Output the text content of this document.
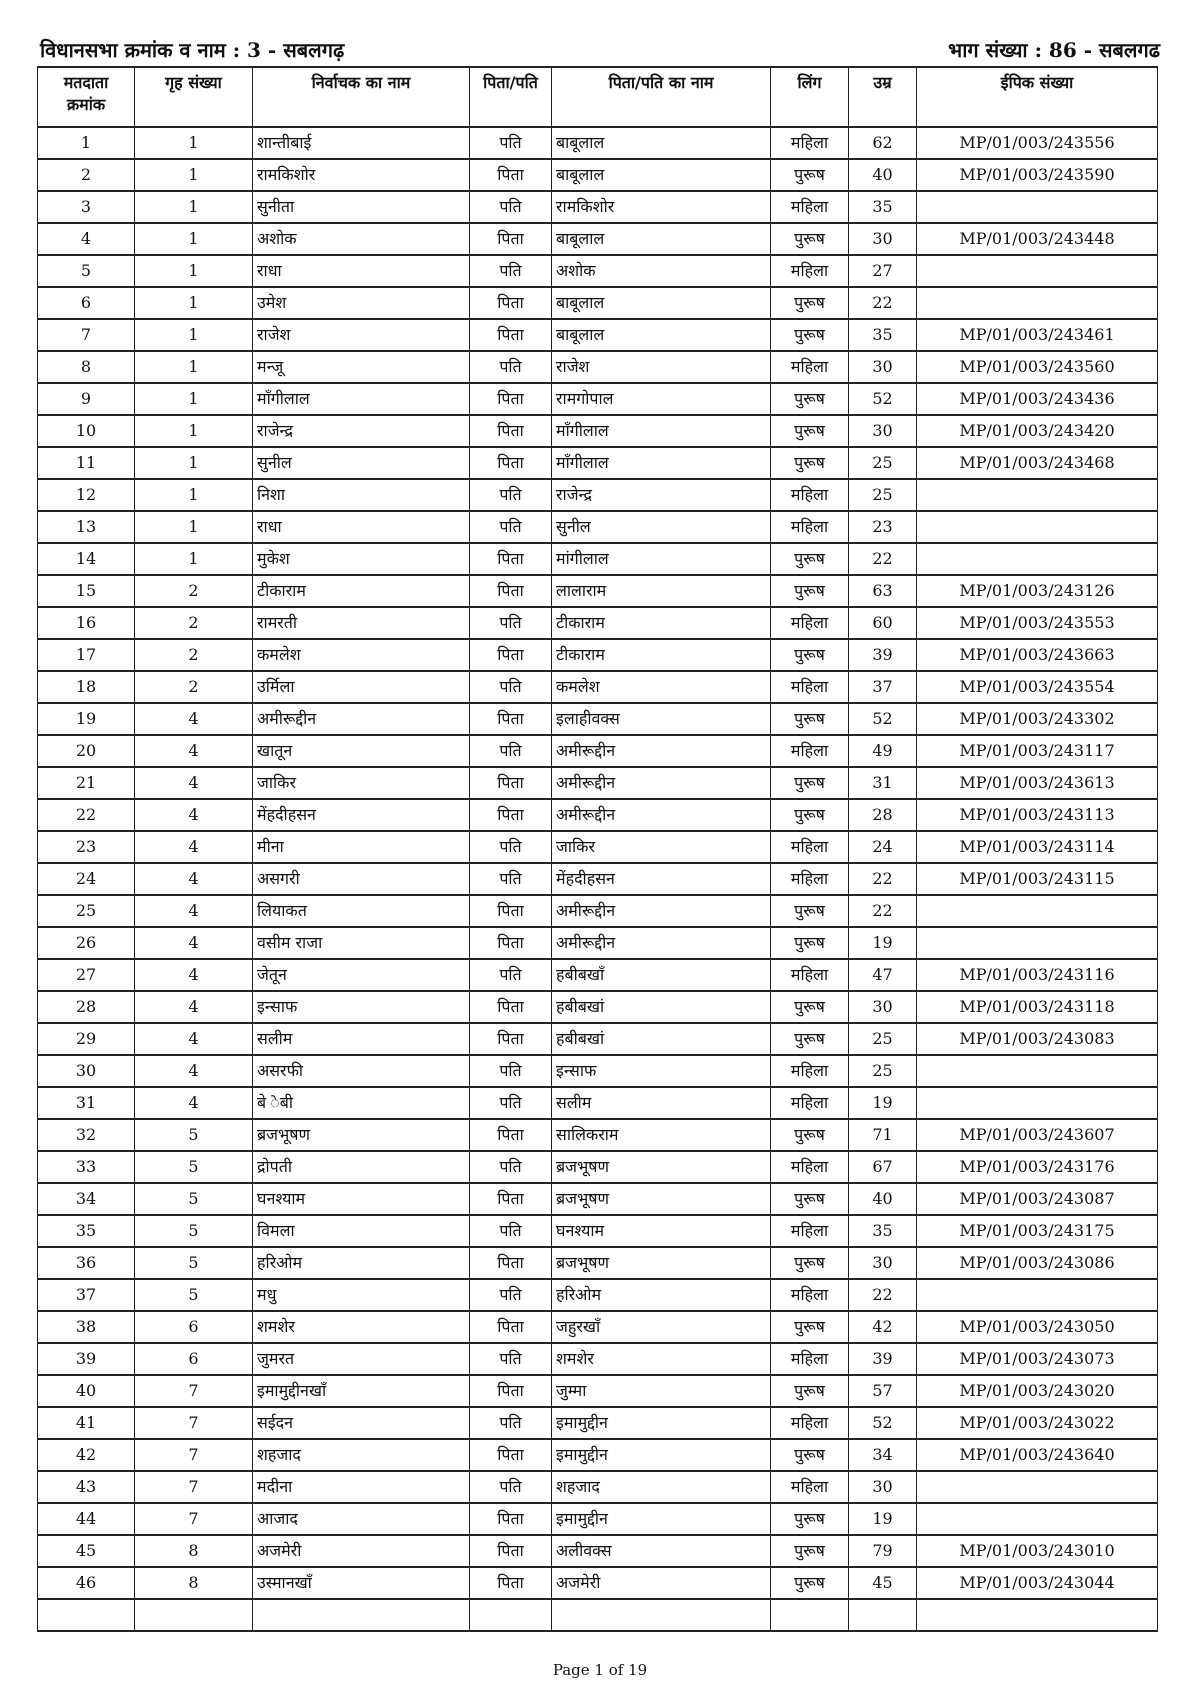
विधानसभा क्रमांक व नाम : 3 - सबलगढ़	भाग संख्या : 86 - सबलगढ
मतदाता क्रमांक	गृह संख्या	निर्वाचक का नाम	पिता/पति	पिता/पति का नाम	लिंग	उम्र	ईपिक संख्या
1	1	शान्तीबाई	पति	बाबूलाल	महिला	62	MP/01/003/243556
2	1	रामकिशोर	पिता	बाबूलाल	पुरूष	40	MP/01/003/243590
3	1	सुनीता	पति	रामकिशोर	महिला	35	
4	1	अशोक	पिता	बाबूलाल	पुरूष	30	MP/01/003/243448
5	1	राधा	पति	अशोक	महिला	27	
6	1	उमेश	पिता	बाबूलाल	पुरूष	22	
7	1	राजेश	पिता	बाबूलाल	पुरूष	35	MP/01/003/243461
8	1	मन्जू	पति	राजेश	महिला	30	MP/01/003/243560
9	1	माँगीलाल	पिता	रामगोपाल	पुरूष	52	MP/01/003/243436
10	1	राजेन्द्र	पिता	माँगीलाल	पुरूष	30	MP/01/003/243420
11	1	सुनील	पिता	माँगीलाल	पुरूष	25	MP/01/003/243468
12	1	निशा	पति	राजेन्द्र	महिला	25	
13	1	राधा	पति	सुनील	महिला	23	
14	1	मुकेश	पिता	मांगीलाल	पुरूष	22	
15	2	टीकाराम	पिता	लालाराम	पुरूष	63	MP/01/003/243126
16	2	रामरती	पति	टीकाराम	महिला	60	MP/01/003/243553
17	2	कमलेश	पिता	टीकाराम	पुरूष	39	MP/01/003/243663
18	2	उर्मिला	पति	कमलेश	महिला	37	MP/01/003/243554
19	4	अमीरूद्दीन	पिता	इलाहीवक्स	पुरूष	52	MP/01/003/243302
20	4	खातून	पति	अमीरूद्दीन	महिला	49	MP/01/003/243117
21	4	जाकिर	पिता	अमीरूद्दीन	पुरूष	31	MP/01/003/243613
22	4	मेंहदीहसन	पिता	अमीरूद्दीन	पुरूष	28	MP/01/003/243113
23	4	मीना	पति	जाकिर	महिला	24	MP/01/003/243114
24	4	असगरी	पति	मेंहदीहसन	महिला	22	MP/01/003/243115
25	4	लियाकत	पिता	अमीरूद्दीन	पुरूष	22	
26	4	वसीम राजा	पिता	अमीरूद्दीन	पुरूष	19	
27	4	जेतून	पति	हबीबखाँ	महिला	47	MP/01/003/243116
28	4	इन्साफ	पिता	हबीबखां	पुरूष	30	MP/01/003/243118
29	4	सलीम	पिता	हबीबखां	पुरूष	25	MP/01/003/243083
30	4	असरफी	पति	इन्साफ	महिला	25	
31	4	बे ेबी	पति	सलीम	महिला	19	
32	5	ब्रजभूषण	पिता	सालिकराम	पुरूष	71	MP/01/003/243607
33	5	द्रोपती	पति	ब्रजभूषण	महिला	67	MP/01/003/243176
34	5	घनश्याम	पिता	ब्रजभूषण	पुरूष	40	MP/01/003/243087
35	5	विमला	पति	घनश्याम	महिला	35	MP/01/003/243175
36	5	हरिओम	पिता	ब्रजभूषण	पुरूष	30	MP/01/003/243086
37	5	मधु	पति	हरिओम	महिला	22	
38	6	शमशेर	पिता	जहुरखाँ	पुरूष	42	MP/01/003/243050
39	6	जुमरत	पति	शमशेर	महिला	39	MP/01/003/243073
40	7	इमामुद्दीनखाँ	पिता	जुम्मा	पुरूष	57	MP/01/003/243020
41	7	सईदन	पति	इमामुद्दीन	महिला	52	MP/01/003/243022
42	7	शहजाद	पिता	इमामुद्दीन	पुरूष	34	MP/01/003/243640
43	7	मदीना	पति	शहजाद	महिला	30	
44	7	आजाद	पिता	इमामुद्दीन	पुरूष	19	
45	8	अजमेरी	पिता	अलीवक्स	पुरूष	79	MP/01/003/243010
46	8	उस्मानखाँ	पिता	अजमेरी	पुरूष	45	MP/01/003/243044

Page 1 of 19
